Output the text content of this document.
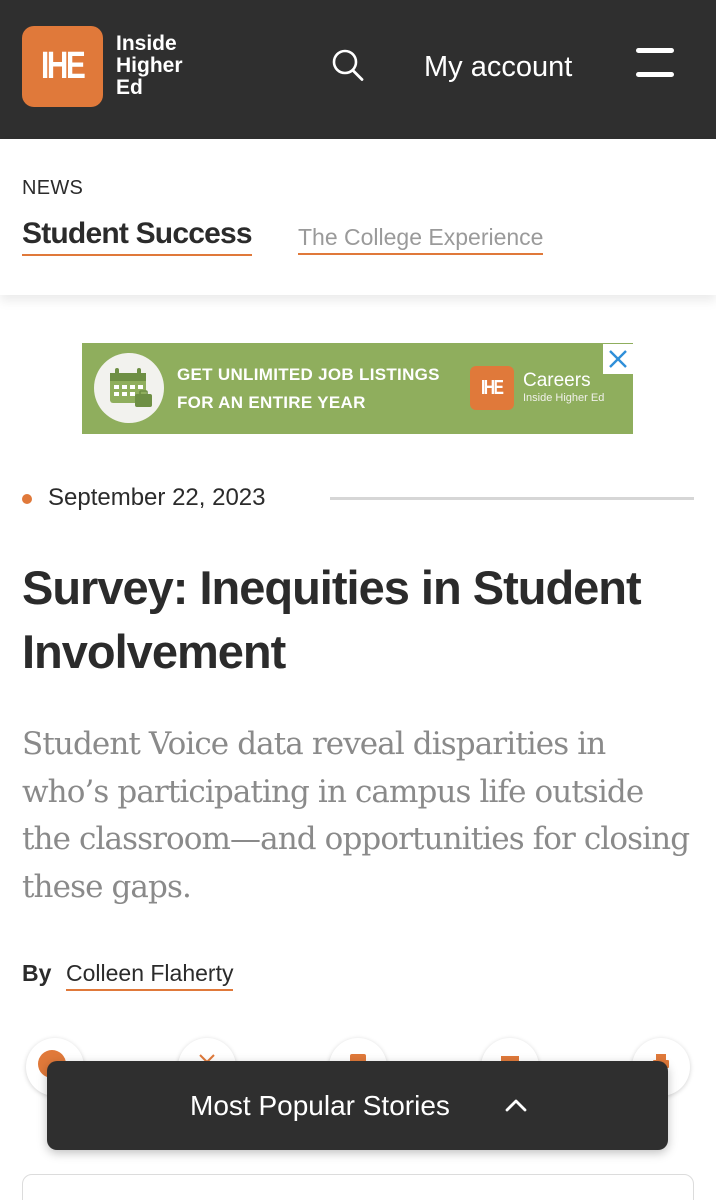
IHE
Inside
Higher
Ed
My account
NEWS
Student Success The College Experience
GET UNLIMITED JOB LISTINGS
FOR AN ENTIRE YEAR
IHE Careers
Inside Higher Ed
September 22, 2023
Survey: Inequities in Student Involvement

Student Voice data reveal disparities in who’s participating in campus life outside the classroom—and opportunities for closing these gaps.

By Colleen Flaherty
Most Popular Stories
